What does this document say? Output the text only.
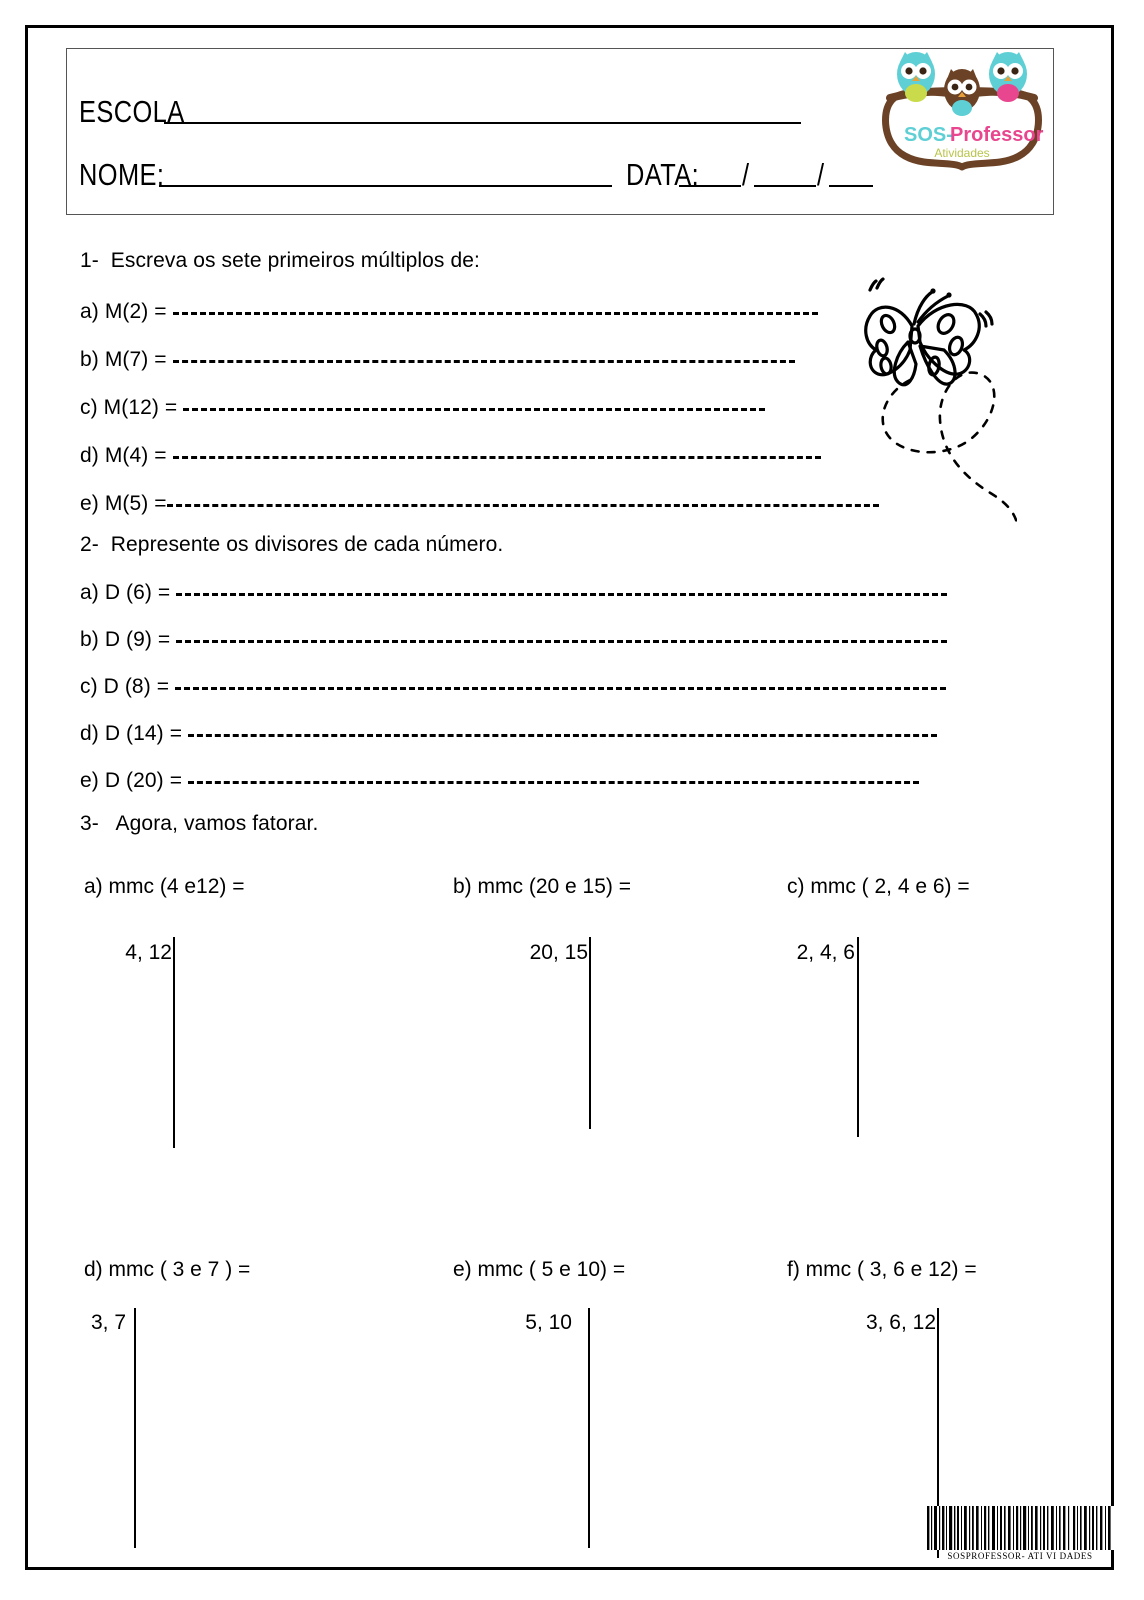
ESCOLA
NOME:	DATA: / /
SOS-
Professor
Atividades
1- Escreva os sete primeiros múltiplos de:
a)
M(2) =

b)
M(7) =

c)
M(12) =

d)
M(4) =

e)
M(5) =
2- Represente os divisores de cada número.
a)
D (6) =

b)
D (9) =

c)
D (8) =

d)
D (14) =

e)
D (20) =

3- Agora, vamos fatorar.
a) mmc (4 e12) =
4, 12
b) mmc (20 e 15) =
20, 15
c) mmc ( 2, 4 e 6) =
2, 4, 6
d) mmc ( 3 e 7 ) =
3, 7
e) mmc ( 5 e 10) =
5, 10
f) mmc ( 3, 6 e 12) =
3, 6, 12
SOSPROFESSOR- ATI VI DADES
